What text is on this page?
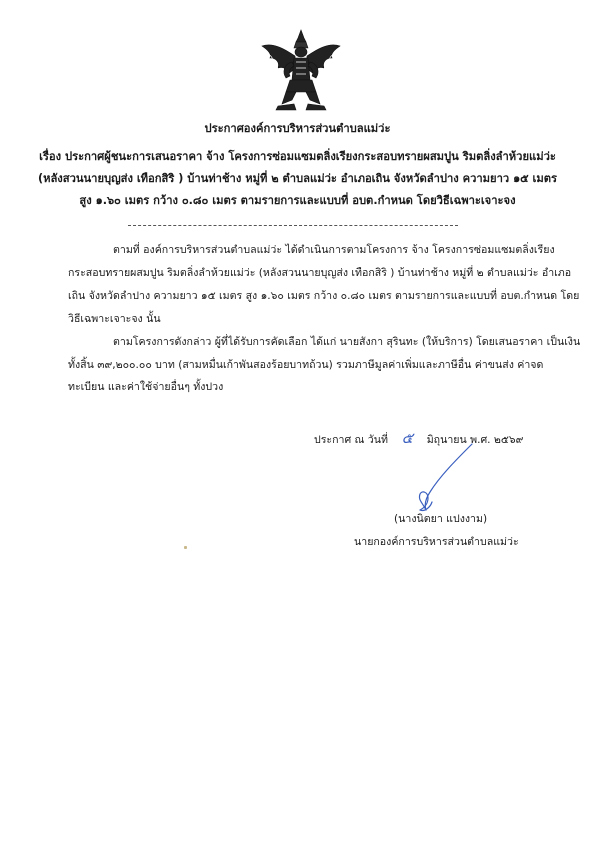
ประกาศองค์การบริหารส่วนตำบลแม่ว่ะ
เรื่อง ประกาศผู้ชนะการเสนอราคา จ้าง โครงการซ่อมแซมตลิ่งเรียงกระสอบทรายผสมปูน ริมตลิ่งลำห้วยแม่ว่ะ
(หลังสวนนายบุญส่ง เทือกสิริ ) บ้านท่าช้าง หมู่ที่ ๒ ตำบลแม่ว่ะ อำเภอเถิน จังหวัดลำปาง ความยาว ๑๕ เมตร
สูง ๑.๖๐ เมตร กว้าง ๐.๘๐ เมตร ตามรายการและแบบที่ อบต.กำหนด โดยวิธีเฉพาะเจาะจง
ตามที่ องค์การบริหารส่วนตำบลแม่ว่ะ ได้ดำเนินการตามโครงการ จ้าง โครงการซ่อมแซมตลิ่งเรียง
กระสอบทรายผสมปูน ริมตลิ่งลำห้วยแม่ว่ะ (หลังสวนนายบุญส่ง เทือกสิริ ) บ้านท่าช้าง หมู่ที่ ๒ ตำบลแม่ว่ะ อำเภอ
เถิน จังหวัดลำปาง ความยาว ๑๕ เมตร สูง ๑.๖๐ เมตร กว้าง ๐.๘๐ เมตร ตามรายการและแบบที่ อบต.กำหนด โดย
วิธีเฉพาะเจาะจง นั้น
ตามโครงการดังกล่าว ผู้ที่ได้รับการคัดเลือก ได้แก่ นายสังกา สุรินทะ (ให้บริการ) โดยเสนอราคา เป็นเงิน
ทั้งสิ้น ๓๙,๒๐๐.๐๐ บาท (สามหมื่นเก้าพันสองร้อยบาทถ้วน) รวมภาษีมูลค่าเพิ่มและภาษีอื่น ค่าขนส่ง ค่าจด
ทะเบียน และค่าใช้จ่ายอื่นๆ ทั้งปวง
ประกาศ ณ วันที่ ๕ มิถุนายน พ.ศ. ๒๕๖๙
(นางนิตยา แปงงาม)
นายกองค์การบริหารส่วนตำบลแม่ว่ะ
